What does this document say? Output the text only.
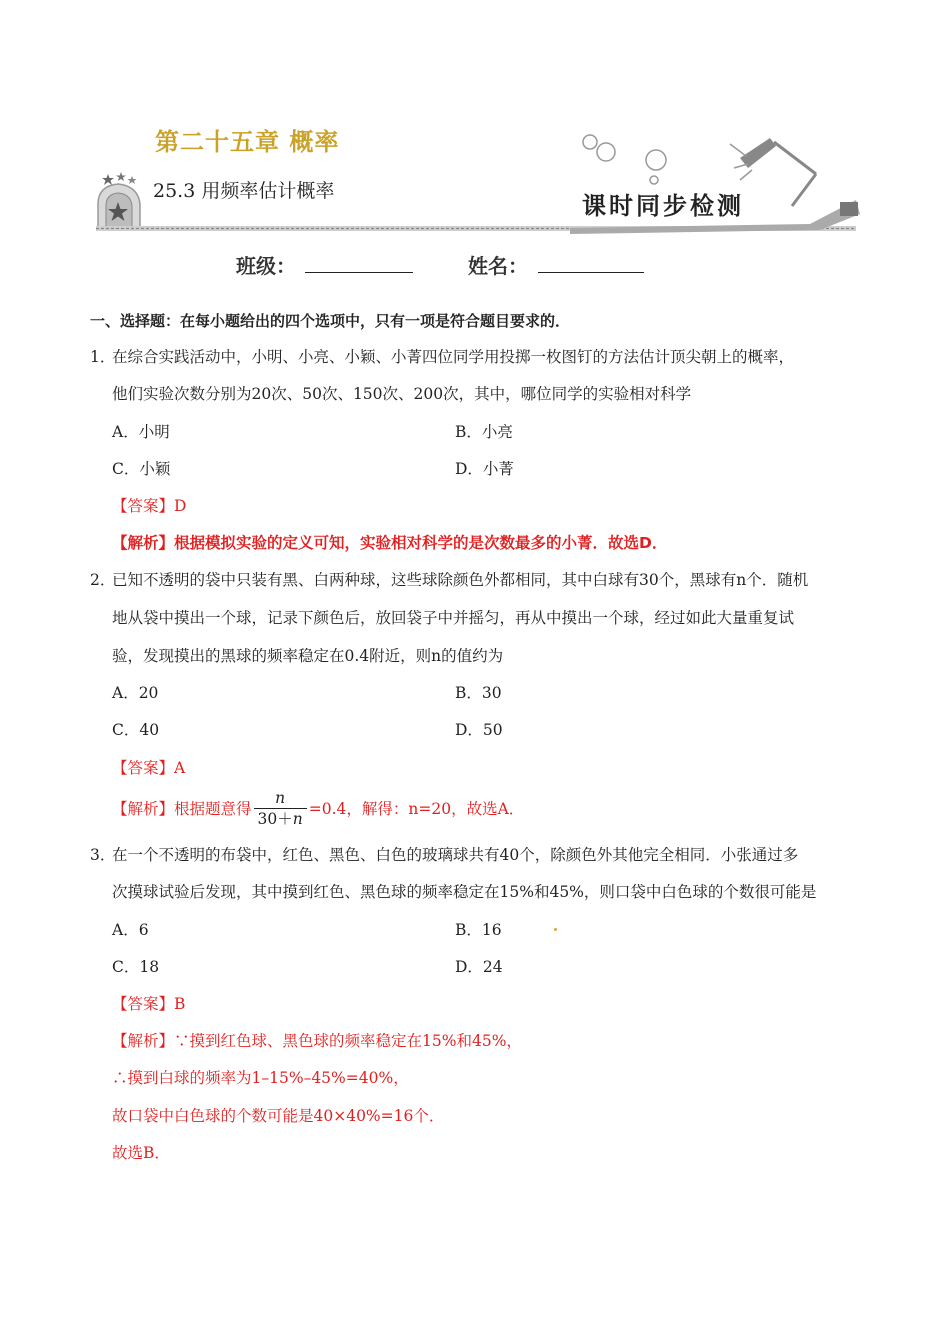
第二十五章 概率
25.3 用频率估计概率	课时同步检测
班级：	姓名：
一、选择题：在每小题给出的四个选项中，只有一项是符合题目要求的．
1．
在综合实践活动中，小明、小亮、小颖、小菁四位同学用投掷一枚图钉的方法估计顶尖朝上的概率，
他们实验次数分别为20次、50次、150次、200次，其中，哪位同学的实验相对科学
A．小明	B．小亮
C．小颖	D．小菁
【答案】D
【解析】根据模拟实验的定义可知，实验相对科学的是次数最多的小菁．故选D．
2．
已知不透明的袋中只装有黑、白两种球，这些球除颜色外都相同，其中白球有30个，黑球有n个．随机
地从袋中摸出一个球，记录下颜色后，放回袋子中并摇匀，再从中摸出一个球，经过如此大量重复试
验，发现摸出的黑球的频率稳定在0.4附近，则n的值约为
A．20	B．30
C．40	D．50
【答案】A
【解析】 根据题意得 $\frac{n}{30+n} =0.4$，解得：n=20，故选A．
3．
在一个不透明的布袋中，红色、黑色、白色的玻璃球共有40个，除颜色外其他完全相同．小张通过多
次摸球试验后发现，其中摸到红色、黑色球的频率稳定在15%和45%，则口袋中白色球的个数很可能是
A．6	B．16
C．18	D．24
【答案】B
【解析】∵摸到红色球、黑色球的频率稳定在15%和45%，
∴摸到白球的频率为1–15%–45%=40%，
故口袋中白色球的个数可能是40×40%=16个．
故选B．
